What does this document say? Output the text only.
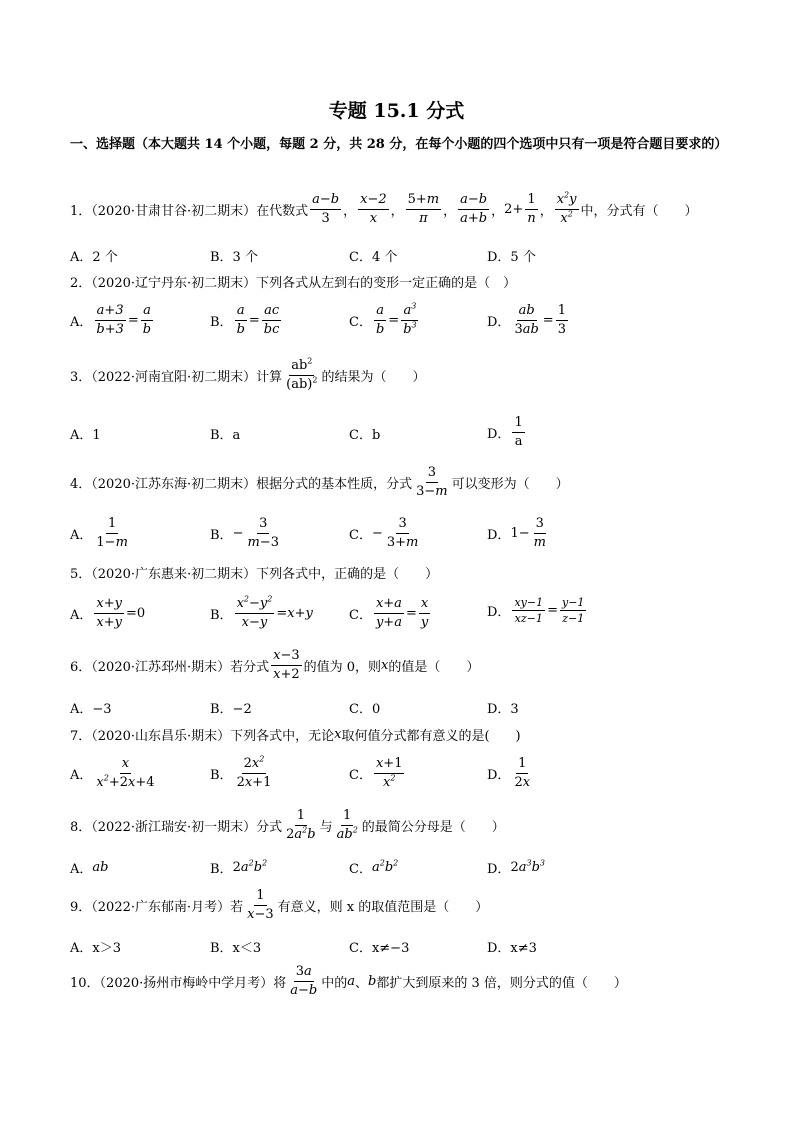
专题 15.1 分式
一、选择题（本大题共 14 个小题，每题 2 分，共 28 分，在每个小题的四个选项中只有一项是符合题目要求的）
1．（2020·甘肃甘谷·初二期末）在代数式 $\frac{a-b}{3}$ ， $\frac{x-2}{x}$ ， $\frac{5+m}{\pi}$ ， $\frac{a-b}{a+b}$ ， $2+ \frac{1}{n}$ ， $\frac{x^2y}{x^2}$ 中，分式有（　　）
A．2 个	B．3 个	C．4 个	D．5 个
2．（2020·辽宁丹东·初二期末）下列各式从左到右的变形一定正确的是（　）
A． $\frac{a+3}{b+3} = \frac{a}{b}$	B． $\frac{a}{b} = \frac{ac}{bc}$	C． $\frac{a}{b} = \frac{a^3}{b^3}$	D． $\frac{ab}{3ab} = \frac{1}{3}$
3．（2022·河南宜阳·初二期末）计算 $\frac{ab^2}{(ab)^2}$ 的结果为（　　）
A．1	B．a	C．b	D． $\frac{1}{a}$
4．（2020·江苏东海·初二期末）根据分式的基本性质，分式 $\frac{3}{3-m}$ 可以变形为（　　）
A． $\frac{1}{1-m}$	B． − $\frac{3}{m-3}$	C． − $\frac{3}{3+m}$	D． $1- \frac{3}{m}$
5．（2020·广东惠来·初二期末）下列各式中，正确的是（　　）
A． $\frac{x+y}{x+y} =0$	B． $\frac{x^2-y^2}{x-y} =x+y$	C． $\frac{x+a}{y+a} = \frac{x}{y}$	D． $\frac{xy-1}{xz-1} = \frac{y-1}{z-1}$
6．（2020·江苏邳州·期末）若分式 $\frac{x-3}{x+2}$ 的值为 0，则 x 的值是（　　）
A．−3	B．−2	C．0	D．3
7．（2020·山东昌乐·期末）下列各式中，无论 x 取何值分式都有意义的是(　　)
A． $\frac{x}{x^2+2x+4}$	B． $\frac{2x^2}{2x+1}$	C． $\frac{x+1}{x^2}$	D． $\frac{1}{2x}$
8．（2022·浙江瑞安·初一期末）分式 $\frac{1}{2a^2b}$ 与 $\frac{1}{ab^2}$ 的最简公分母是（　　）
A． ab	B． $2a^2b^2$	C． $a^2b^2$	D． $2a^3b^3$
9．（2022·广东郁南·月考）若 $\frac{1}{x-3}$ 有意义，则 x 的取值范围是（　　）
A．x＞3	B．x＜3	C．x≠−3	D．x≠3
10．（2020·扬州市梅岭中学月考）将 $\frac{3a}{a-b}$ 中的 a 、 b 都扩大到原来的 3 倍，则分式的值（　　）
